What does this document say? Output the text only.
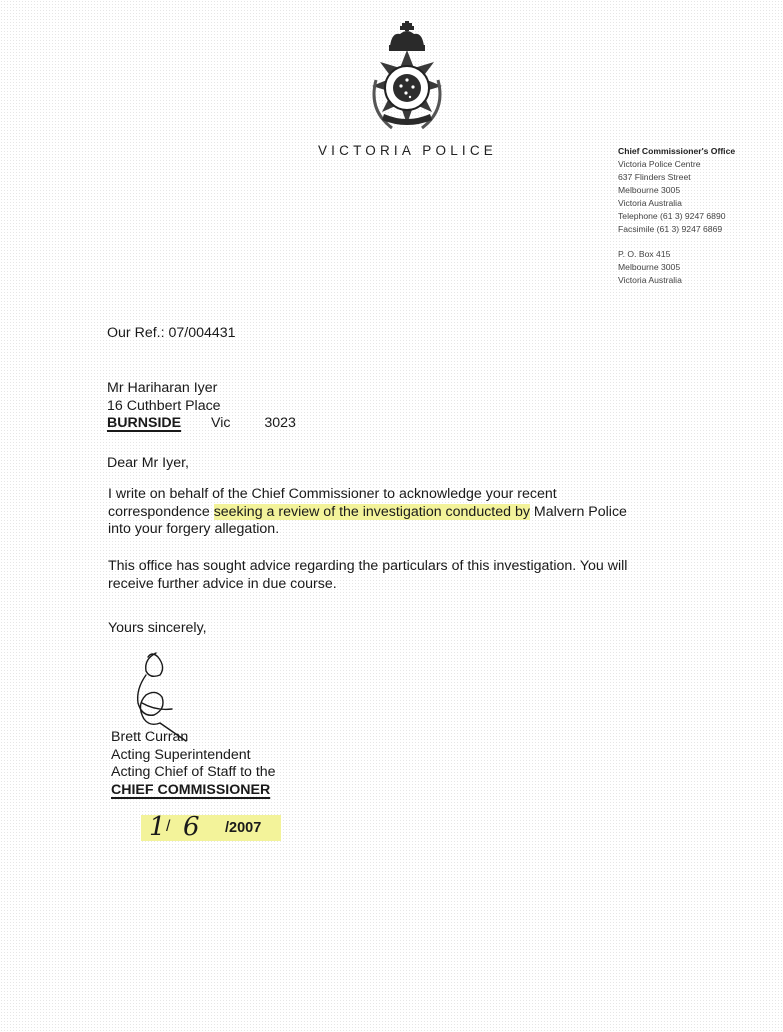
VICTORIA POLICE	Chief Commissioner's Office
Victoria Police Centre
637 Flinders Street
Melbourne 3005
Victoria Australia
Telephone (61 3) 9247 6890
Facsimile (61 3) 9247 6869
P. O. Box 415
Melbourne 3005
Victoria Australia
Our Ref.: 07/004431
Mr Hariharan Iyer
16 Cuthbert Place
BURNSIDE Vic 3023
Dear Mr Iyer,
I write on behalf of the Chief Commissioner to acknowledge your recent
correspondence seeking a review of the investigation conducted by Malvern Police
into your forgery allegation.
This office has sought advice regarding the particulars of this investigation. You will
receive further advice in due course.
Yours sincerely,
Brett Curran
Acting Superintendent
Acting Chief of Staff to the
CHIEF COMMISSIONER
1 / 6 /2007
